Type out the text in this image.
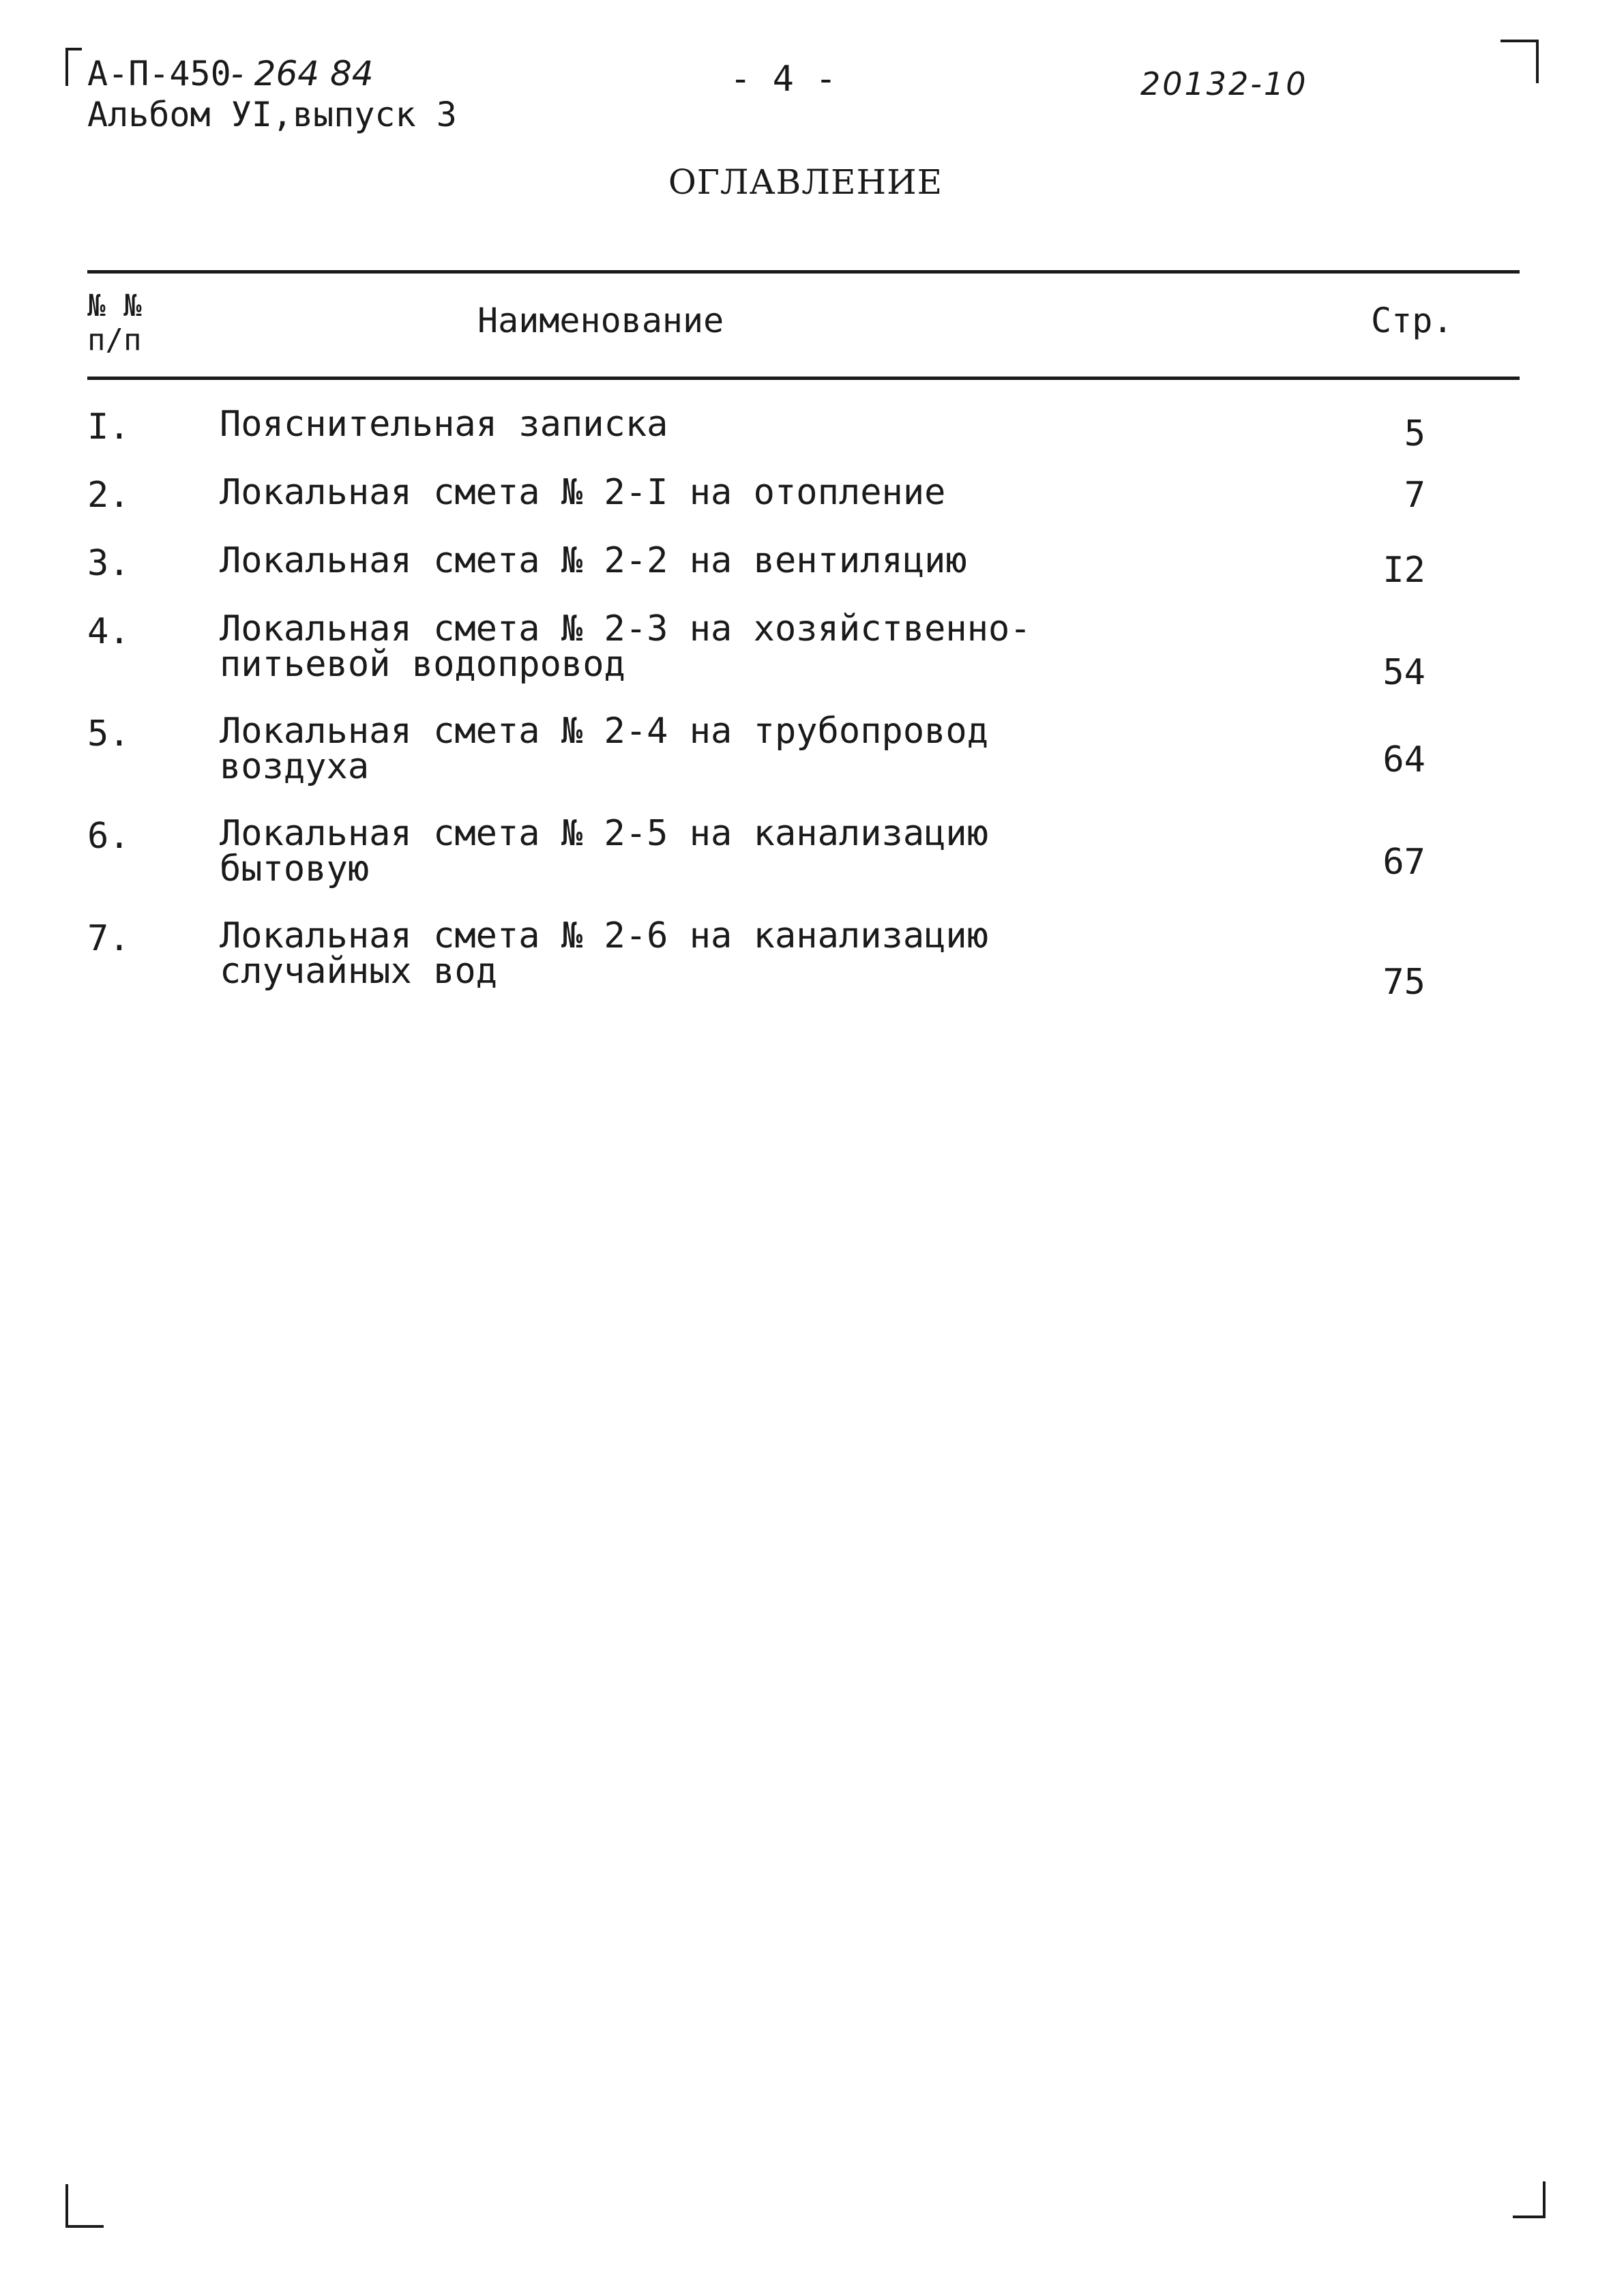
А-П-450- 264 84
Альбом УI,выпуск 3
- 4 -	20132-10
ОГЛАВЛЕНИЕ
№ №
п/п	Наименование	Стр.
I.	Пояснительная записка	5
2.	Локальная смета № 2-I на отопление	7
3.	Локальная смета № 2-2 на вентиляцию	I2
4.	Локальная смета № 2-3 на хозяйственно-
питьевой водопровод	54
5.	Локальная смета № 2-4 на трубопровод
воздуха	64
6.	Локальная смета № 2-5 на канализацию
бытовую	67
7.	Локальная смета № 2-6 на канализацию
случайных вод	75
